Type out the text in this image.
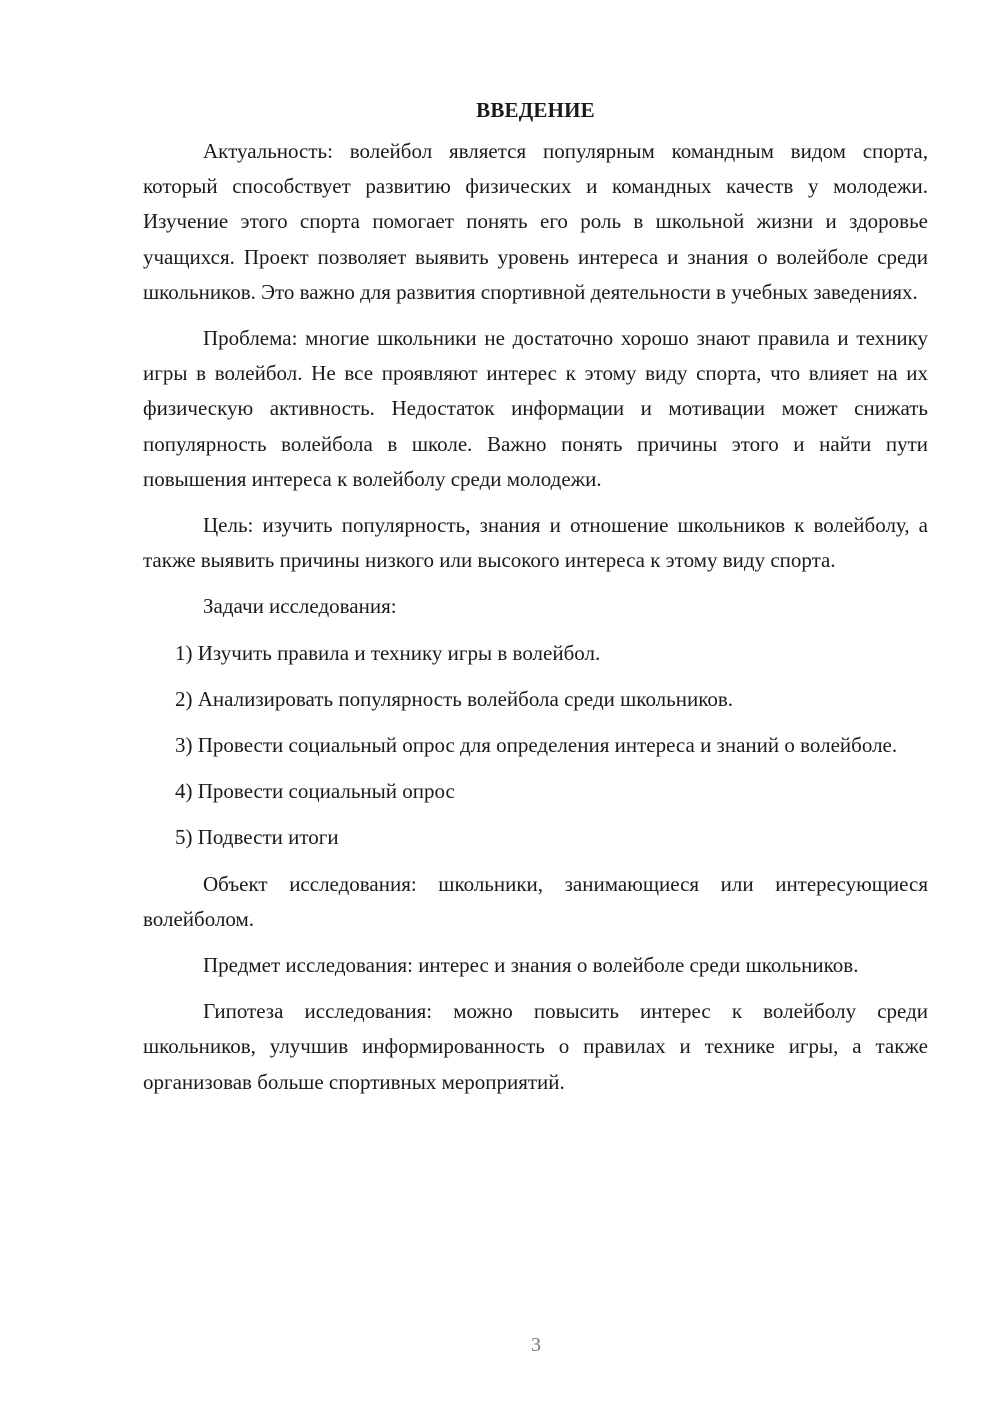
ВВЕДЕНИЕ

Актуальность: волейбол является популярным командным видом спорта, который способствует развитию физических и командных качеств у молодежи. Изучение этого спорта помогает понять его роль в школьной жизни и здоровье учащихся. Проект позволяет выявить уровень интереса и знания о волейболе среди школьников. Это важно для развития спортивной деятельности в учебных заведениях.

Проблема: многие школьники не достаточно хорошо знают правила и технику игры в волейбол. Не все проявляют интерес к этому виду спорта, что влияет на их физическую активность. Недостаток информации и мотивации может снижать популярность волейбола в школе. Важно понять причины этого и найти пути повышения интереса к волейболу среди молодежи.

Цель: изучить популярность, знания и отношение школьников к волейболу, а также выявить причины низкого или высокого интереса к этому виду спорта.

Задачи исследования:

1) Изучить правила и технику игры в волейбол.

2) Анализировать популярность волейбола среди школьников.

3) Провести социальный опрос для определения интереса и знаний о волейболе.

4) Провести социальный опрос

5) Подвести итоги

Объект исследования: школьники, занимающиеся или интересующиеся волейболом.

Предмет исследования: интерес и знания о волейболе среди школьников.

Гипотеза исследования: можно повысить интерес к волейболу среди школьников, улучшив информированность о правилах и технике игры, а также организовав больше спортивных мероприятий.

3
